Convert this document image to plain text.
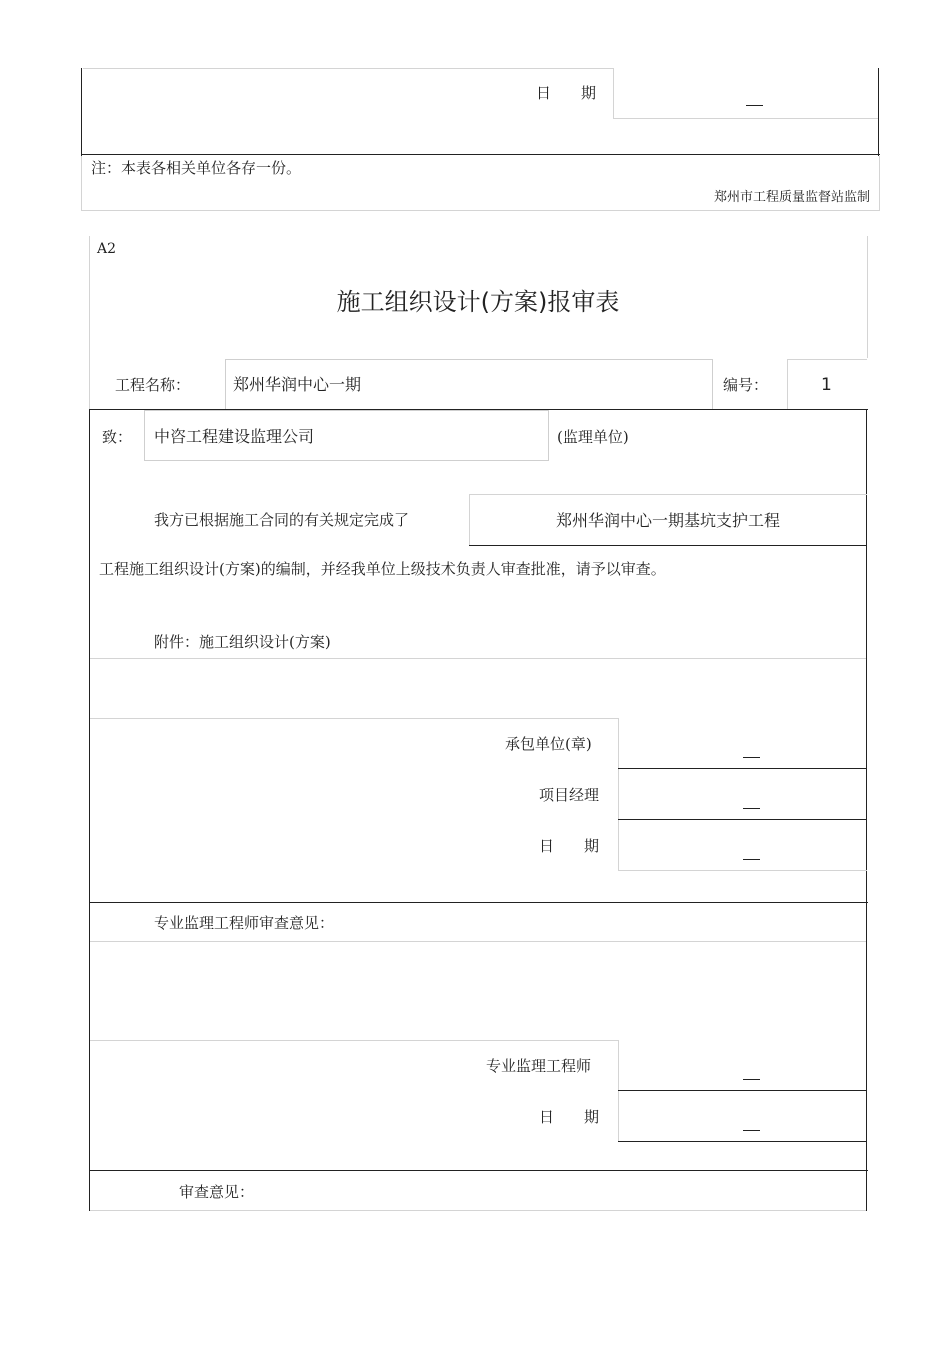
日　　期
注：本表各相关单位各存一份。
郑州市工程质量监督站监制
A2
施工组织设计(方案)报审表
工程名称：	郑州华润中心一期	编号：	1
致： 中咨工程建设监理公司	(监理单位)
我方已根据施工合同的有关规定完成了	郑州华润中心一期基坑支护工程
工程施工组织设计(方案)的编制，并经我单位上级技术负责人审查批准，请予以审查。
附件：施工组织设计(方案)
承包单位(章)
项目经理
日　　期
专业监理工程师审查意见：
专业监理工程师
日　　期
审查意见：
